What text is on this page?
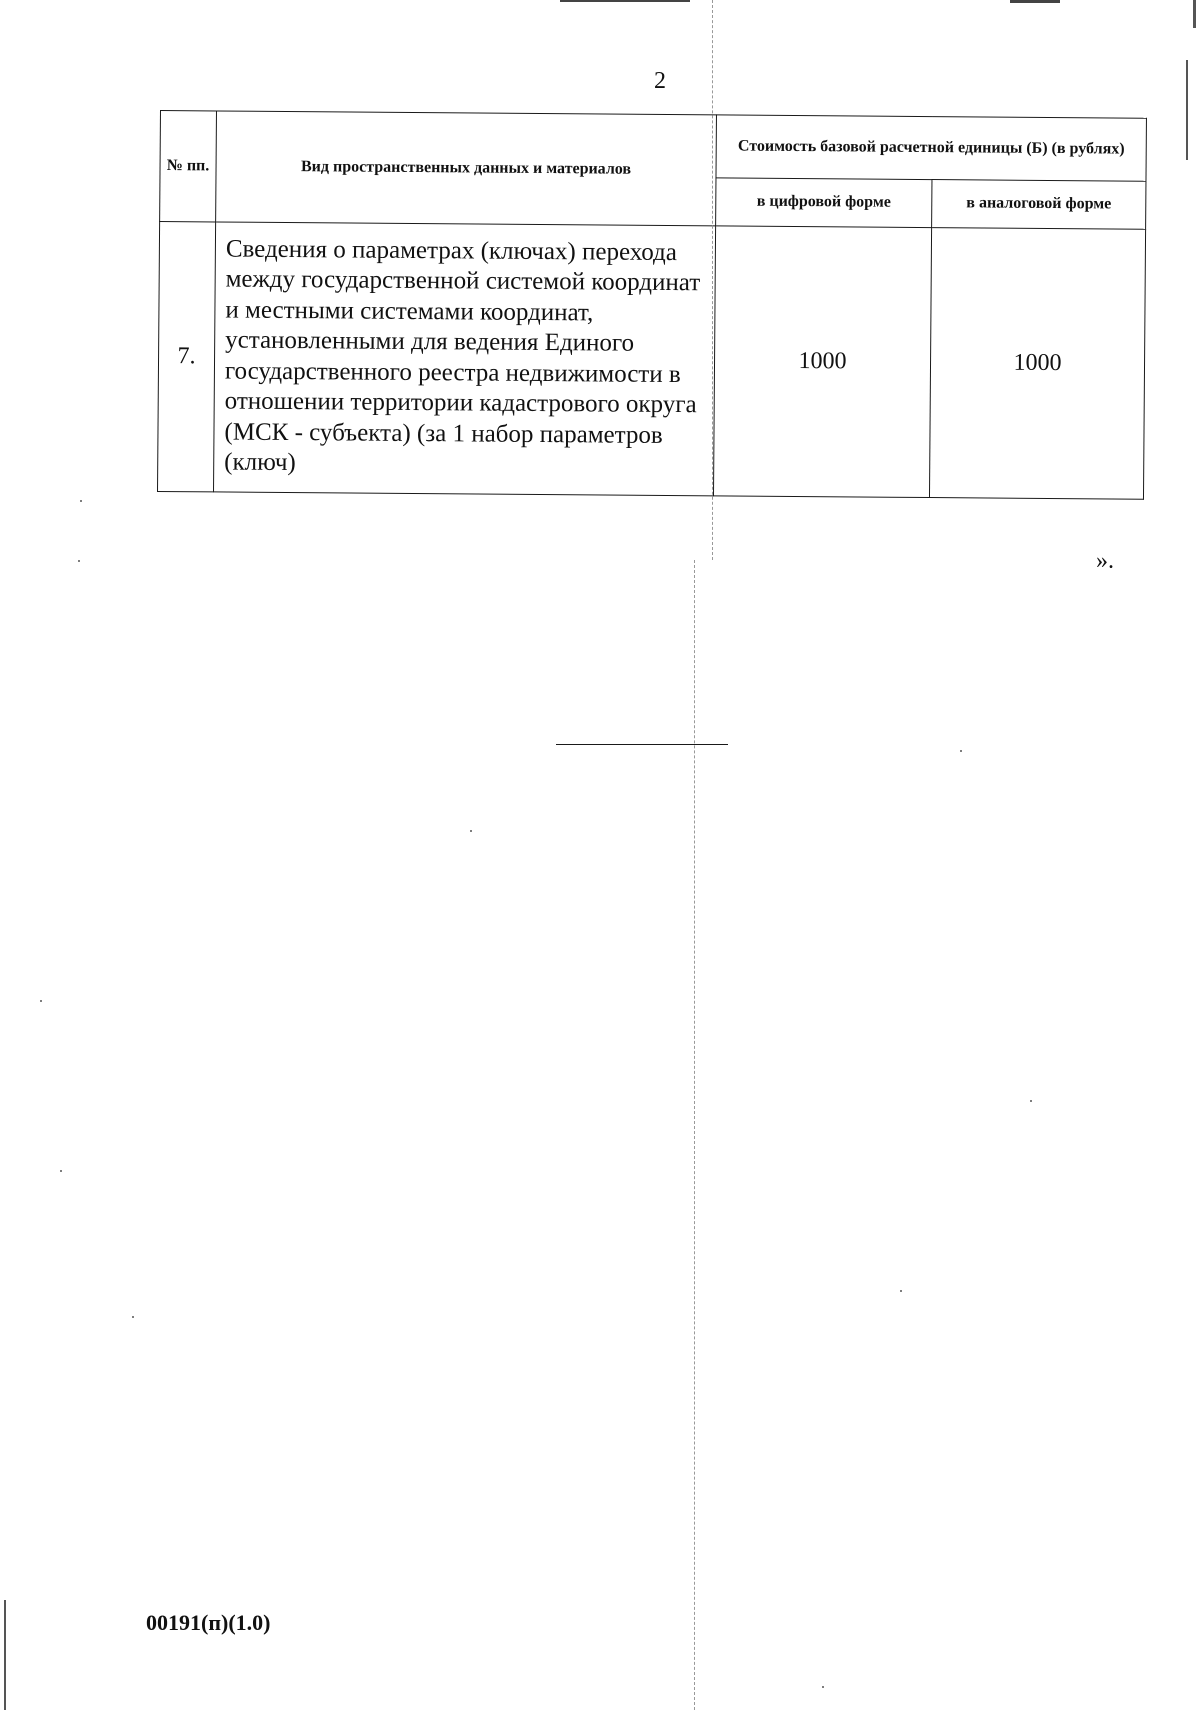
2
№ пп.	Вид пространственных данных и материалов	Стоимость базовой расчетной единицы (Б) (в рублях)	
		в цифровой форме	в аналоговой форме
7.	Сведения о параметрах (ключах) перехода между государственной системой координат и местными системами координат, установленными для ведения Единого государственного реестра недвижимости в отношении территории кадастрового округа (МСК - субъекта) (за 1 набор параметров (ключ)	1000	1000
».
00191(п)(1.0)
